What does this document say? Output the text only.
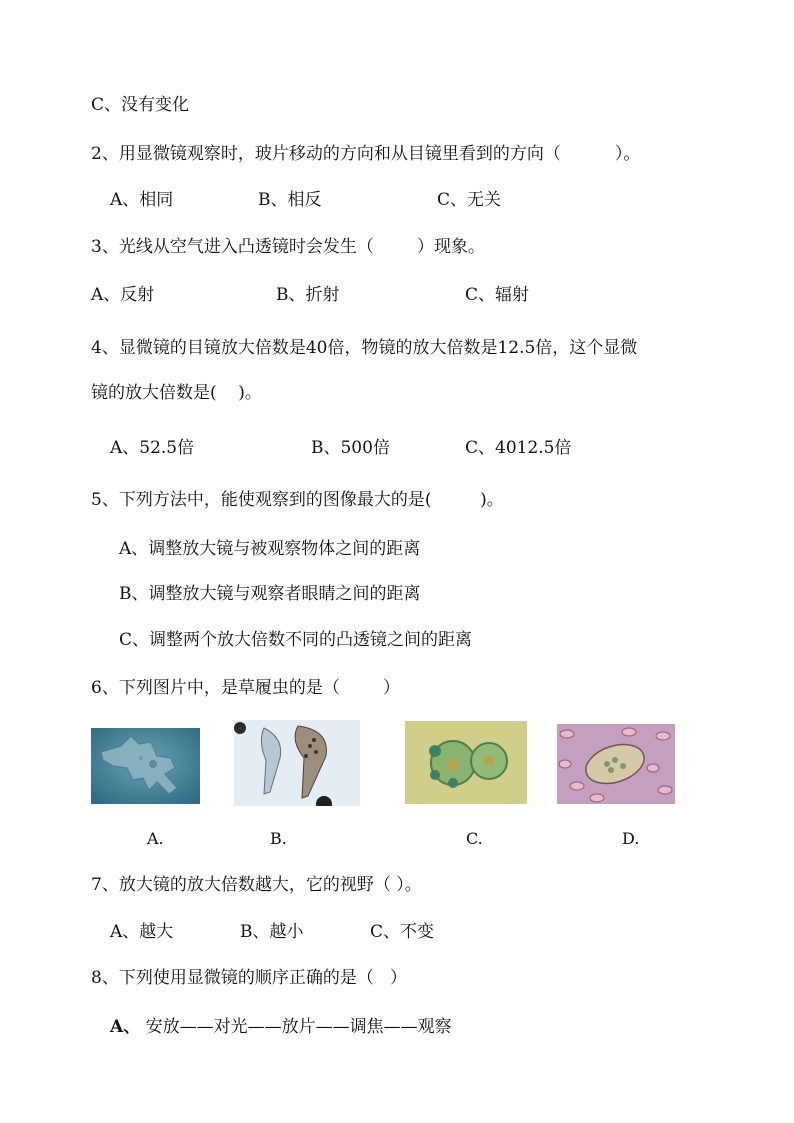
C、没有变化
2、用显微镜观察时，玻片移动的方向和从目镜里看到的方向（          ）。
A、相同	B、相反	C、无关
3、光线从空气进入凸透镜时会发生（        ）现象。
A、反射	B、折射	C、辐射
4、显微镜的目镜放大倍数是40倍，物镜的放大倍数是12.5倍，这个显微
镜的放大倍数是(    )。
A、52.5倍	B、500倍	C、4012.5倍
5、下列方法中，能使观察到的图像最大的是(         )。
A、调整放大镜与被观察物体之间的距离
B、调整放大镜与观察者眼睛之间的距离
C、调整两个放大倍数不同的凸透镜之间的距离
6、下列图片中，是草履虫的是（        ）
A.	B.	C.	D.
7、放大镜的放大倍数越大，它的视野（ ）。
A、越大	B、越小	C、不变
8、下列使用显微镜的顺序正确的是（   ）
A、 安放——对光——放片——调焦——观察
